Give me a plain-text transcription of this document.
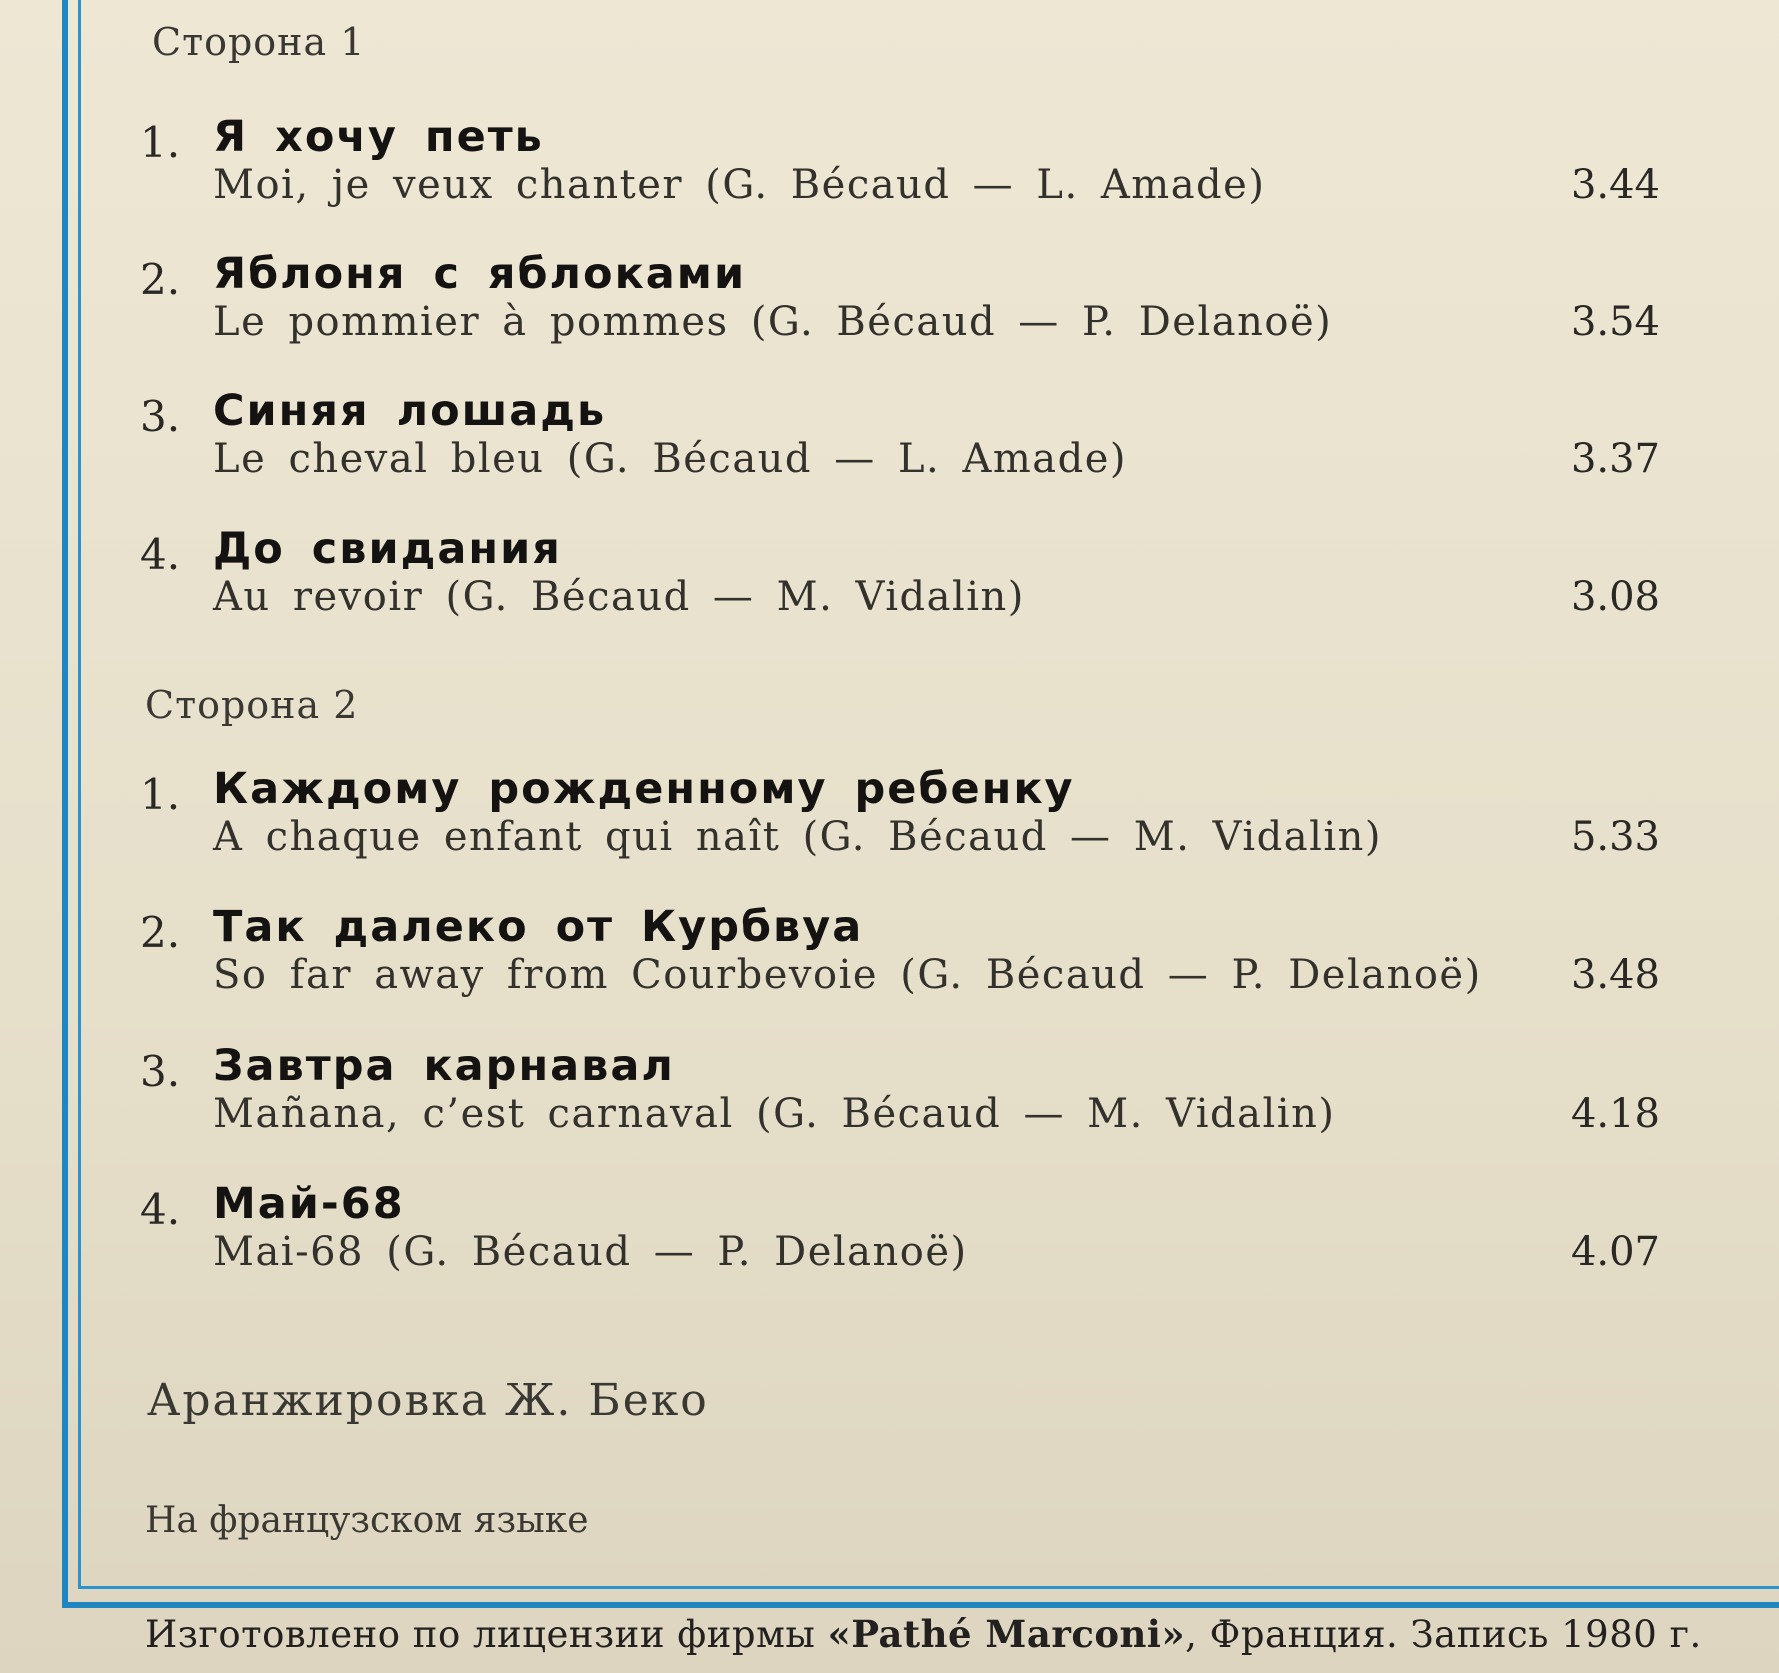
Сторона 1
1. Я хочу петь
Moi, je veux chanter (G. Bécaud — L. Amade)	3.44
2. Яблоня с яблоками
Le pommier à pommes (G. Bécaud — P. Delanoë)	3.54
3. Синяя лошадь
Le cheval bleu (G. Bécaud — L. Amade)	3.37
4. До свидания
Au revoir (G. Bécaud — M. Vidalin)	3.08
Сторона 2
1. Каждому рожденному ребенку
A chaque enfant qui naît (G. Bécaud — M. Vidalin)	5.33
2. Так далеко от Курбвуа
So far away from Courbevoie (G. Bécaud — P. Delanoë) 3.48
3. Завтра карнавал
Mañana, c’est carnaval (G. Bécaud — M. Vidalin)	4.18
4. Май-68
Mai-68 (G. Bécaud — P. Delanoë)	4.07
Аранжировка Ж. Беко
На французском языке
Изготовлено по лицензии фирмы «Pathé Marconi», Франция. Запись 1980 г.
